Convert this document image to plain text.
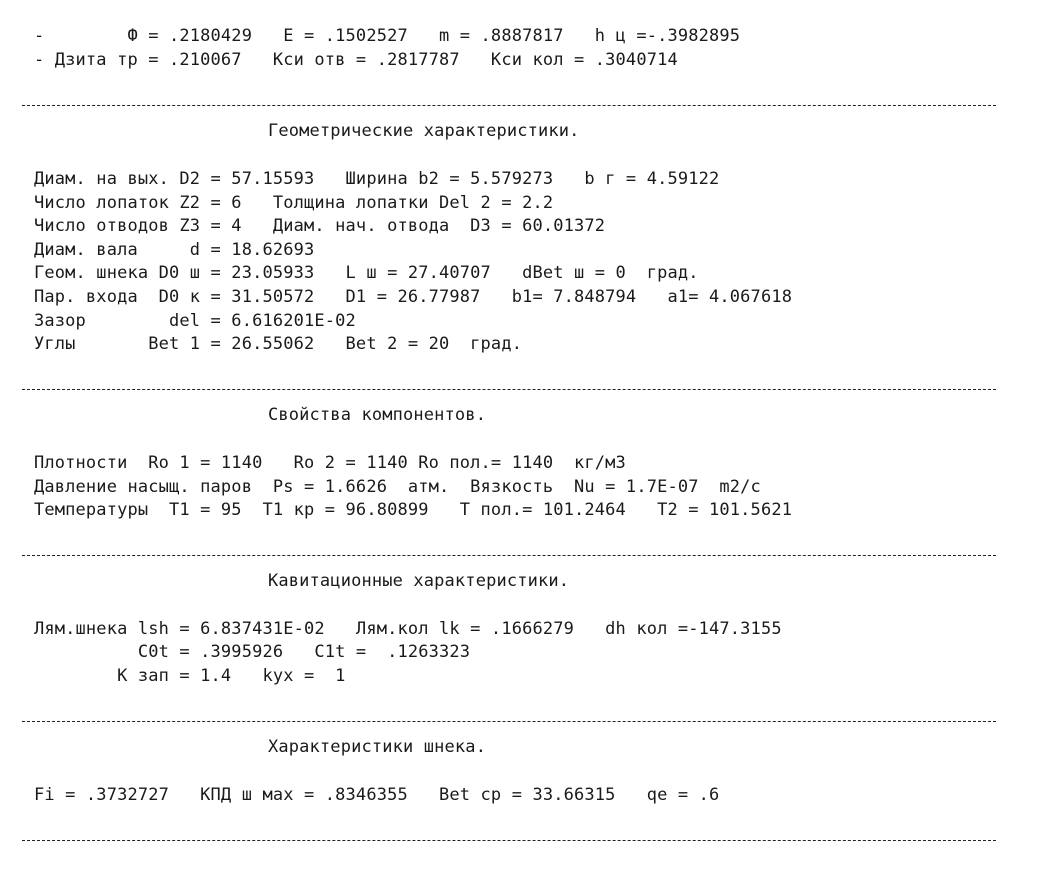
-        Ф = .2180429   E = .1502527   m = .8887817   h ц =-.3982895
- Дзита тр = .210067   Кси отв = .2817787   Кси кол = .3040714
Геометрические характеристики.
Диам. на вых. D2 = 57.15593   Ширина b2 = 5.579273   b г = 4.59122
Число лопаток Z2 = 6   Толщина лопатки Del 2 = 2.2
Число отводов Z3 = 4   Диам. нач. отвода  D3 = 60.01372
Диам. вала     d = 18.62693
Геом. шнека D0 ш = 23.05933   L ш = 27.40707   dBet ш = 0  град.
Пар. входа  D0 к = 31.50572   D1 = 26.77987   b1= 7.848794   a1= 4.067618
Зазор        del = 6.616201E-02
Углы       Bet 1 = 26.55062   Bet 2 = 20  град.
Свойства компонентов.
Плотности  Ro 1 = 1140   Ro 2 = 1140 Ro пол.= 1140  кг/м3
Давление насыщ. паров  Ps = 1.6626  атм.  Вязкость  Nu = 1.7E-07  m2/c
Температуры  T1 = 95  T1 кр = 96.80899   T пол.= 101.2464   T2 = 101.5621
Кавитационные характеристики.
Лям.шнека lsh = 6.837431E-02   Лям.кол lk = .1666279   dh кол =-147.3155
C0t = .3995926   C1t =  .1263323
K зап = 1.4   kух =  1
Характеристики шнека.
Fi = .3732727   КПД ш мах = .8346355   Bet ср = 33.66315   qe = .6
